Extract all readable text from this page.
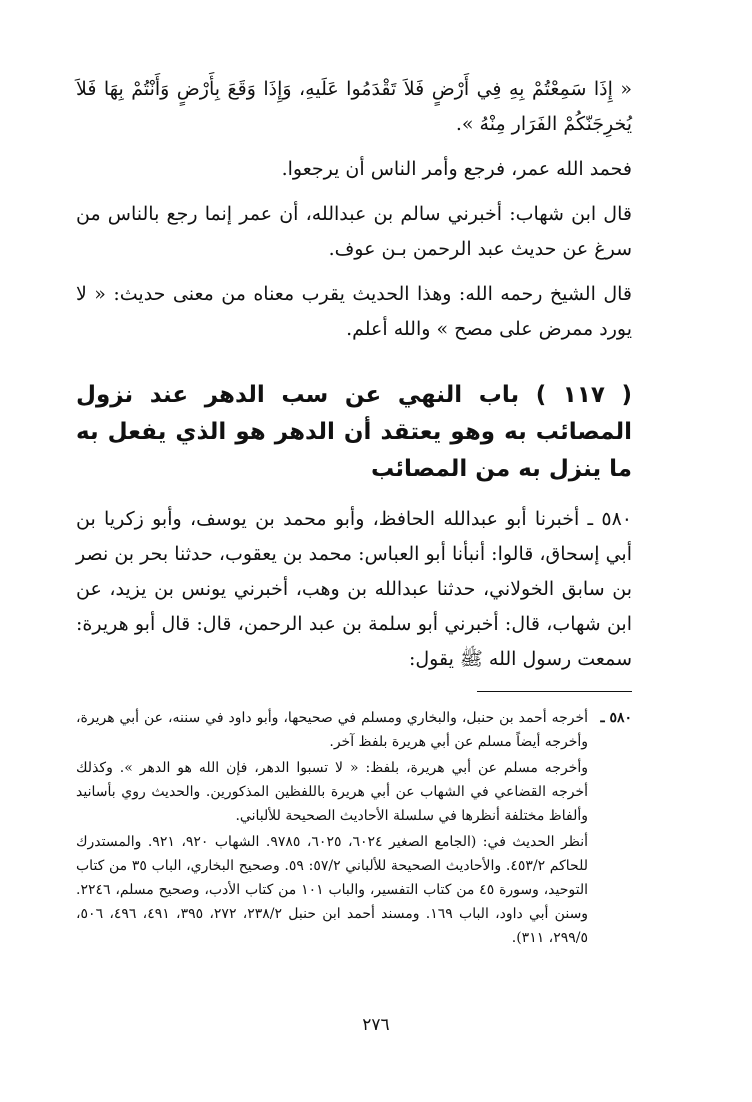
« إِذَا سَمِعْتُمْ بِهِ فِي أَرْضٍ فَلاَ تَقْدَمُوا عَلَيهِ، وَإِذَا وَقَعَ بِأَرْضٍ وَأَنْتُمْ بِهَا فَلاَ يُخرِجَنّكُمْ الفَرَار مِنْهُ ».

فحمد الله عمر، فرجع وأمر الناس أن يرجعوا.

قال ابن شهاب: أخبرني سالم بن عبدالله، أن عمر إنما رجع بالناس من سرغ عن حديث عبد الرحمن بـن عوف.

قال الشيخ رحمه الله: وهذا الحديث يقرب معناه من معنى حديث: « لا يورد ممرض على مصح » والله أعلم.

( ١١٧ ) باب النهي عن سب الدهر عند نزول المصائب به وهو يعتقد أن الدهر هو الذي يفعل به ما ينزل به من المصائب

٥٨٠ ـ أخبرنا أبو عبدالله الحافظ، وأبو محمد بن يوسف، وأبو زكريا بن أبي إسحاق، قالوا: أنبأنا أبو العباس: محمد بن يعقوب، حدثنا بحر بن نصر بن سابق الخولاني، حدثنا عبدالله بن وهب، أخبرني يونس بن يزيد، عن ابن شهاب، قال: أخبرني أبو سلمة بن عبد الرحمن، قال: قال أبو هريرة: سمعت رسول الله ﷺ يقول:

٥٨٠ ـ

أخرجه أحمد بن حنبل، والبخاري ومسلم في صحيحها، وأبو داود في سننه، عن أبي هريرة، وأخرجه أيضاً مسلم عن أبي هريرة بلفظ آخر.

وأخرجه مسلم عن أبي هريرة، بلفظ: « لا تسبوا الدهر، فإن الله هو الدهر ». وكذلك أخرجه القضاعي في الشهاب عن أبي هريرة باللفظين المذكورين. والحديث روي بأسانيد وألفاظ مختلفة أنظرها في سلسلة الأحاديث الصحيحة للألباني.

أنظر الحديث في: (الجامع الصغير ٦٠٢٤، ٦٠٢٥، ٩٧٨٥. الشهاب ٩٢٠، ٩٢١. والمستدرك للحاكم ٤٥٣/٢. والأحاديث الصحيحة للألباني ٥٧/٢: ٥٩. وصحيح البخاري، الباب ٣٥ من كتاب التوحيد، وسورة ٤٥ من كتاب التفسير، والباب ١٠١ من كتاب الأدب، وصحيح مسلم، ٢٢٤٦. وسنن أبي داود، الباب ١٦٩. ومسند أحمد ابن حنبل ٢٣٨/٢، ٢٧٢، ٣٩٥، ٤٩١، ٤٩٦، ٥٠٦، ٢٩٩/٥، ٣١١).

٢٧٦
